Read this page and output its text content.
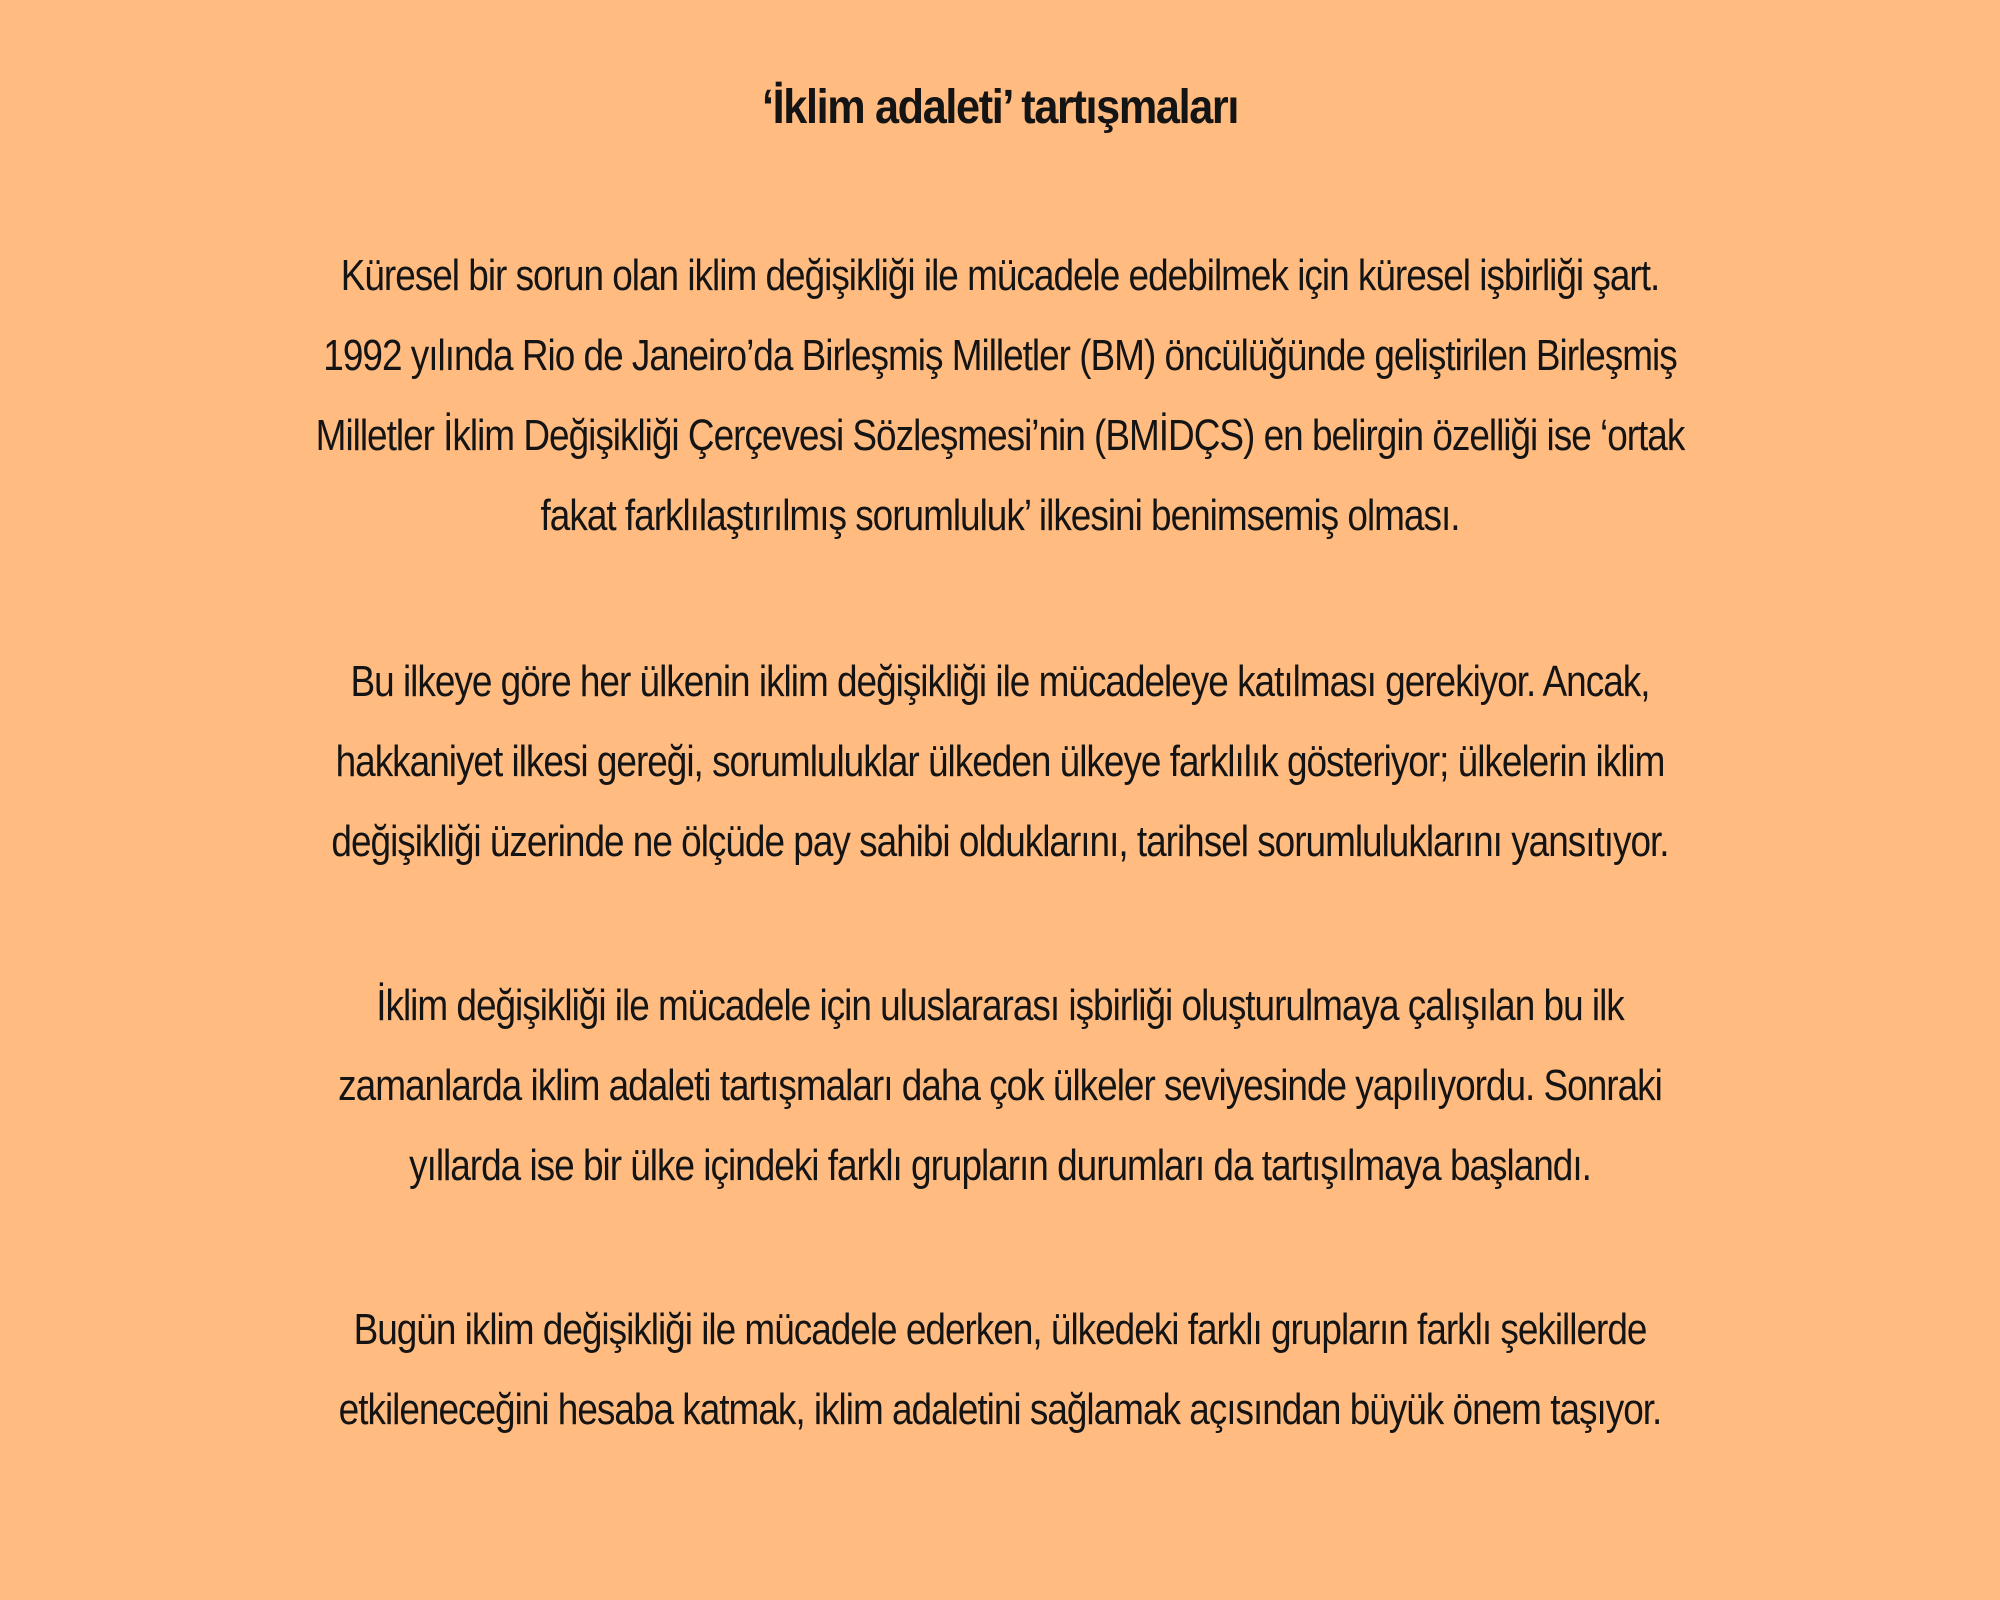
‘İklim adaleti’ tartışmaları

Küresel bir sorun olan iklim değişikliği ile mücadele edebilmek için küresel işbirliği şart.
1992 yılında Rio de Janeiro’da Birleşmiş Milletler (BM) öncülüğünde geliştirilen Birleşmiş
Milletler İklim Değişikliği Çerçevesi Sözleşmesi’nin (BMİDÇS) en belirgin özelliği ise ‘ortak
fakat farklılaştırılmış sorumluluk’ ilkesini benimsemiş olması.

Bu ilkeye göre her ülkenin iklim değişikliği ile mücadeleye katılması gerekiyor. Ancak,
hakkaniyet ilkesi gereği, sorumluluklar ülkeden ülkeye farklılık gösteriyor; ülkelerin iklim
değişikliği üzerinde ne ölçüde pay sahibi olduklarını, tarihsel sorumluluklarını yansıtıyor.

İklim değişikliği ile mücadele için uluslararası işbirliği oluşturulmaya çalışılan bu ilk
zamanlarda iklim adaleti tartışmaları daha çok ülkeler seviyesinde yapılıyordu. Sonraki
yıllarda ise bir ülke içindeki farklı grupların durumları da tartışılmaya başlandı.

Bugün iklim değişikliği ile mücadele ederken, ülkedeki farklı grupların farklı şekillerde
etkileneceğini hesaba katmak, iklim adaletini sağlamak açısından büyük önem taşıyor.
